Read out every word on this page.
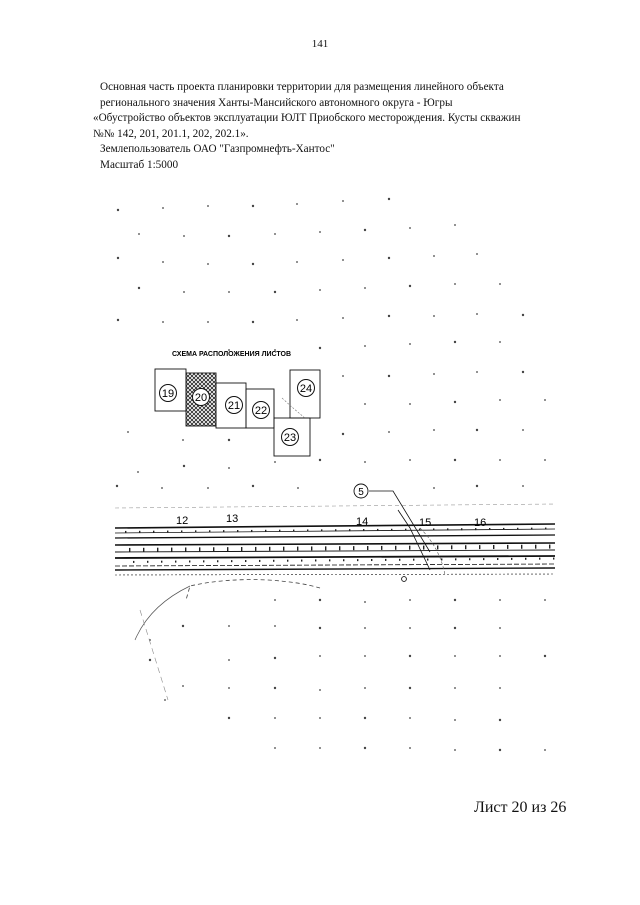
141
Основная часть проекта планировки территории для размещения линейного объекта
регионального значения Ханты-Мансийского автономного округа - Югры
«Обустройство объектов эксплуатации ЮЛТ Приобского месторождения. Кусты скважин
№№ 142, 201, 201.1, 202, 202.1».
Землепользователь ОАО "Газпромнефть-Хантос"
Масштаб 1:5000
СХЕМА РАСПОЛОЖЕНИЯ ЛИСТОВ
19 20
21 22
23
24
12	13	14	15	16
5
Лист 20 из 26
